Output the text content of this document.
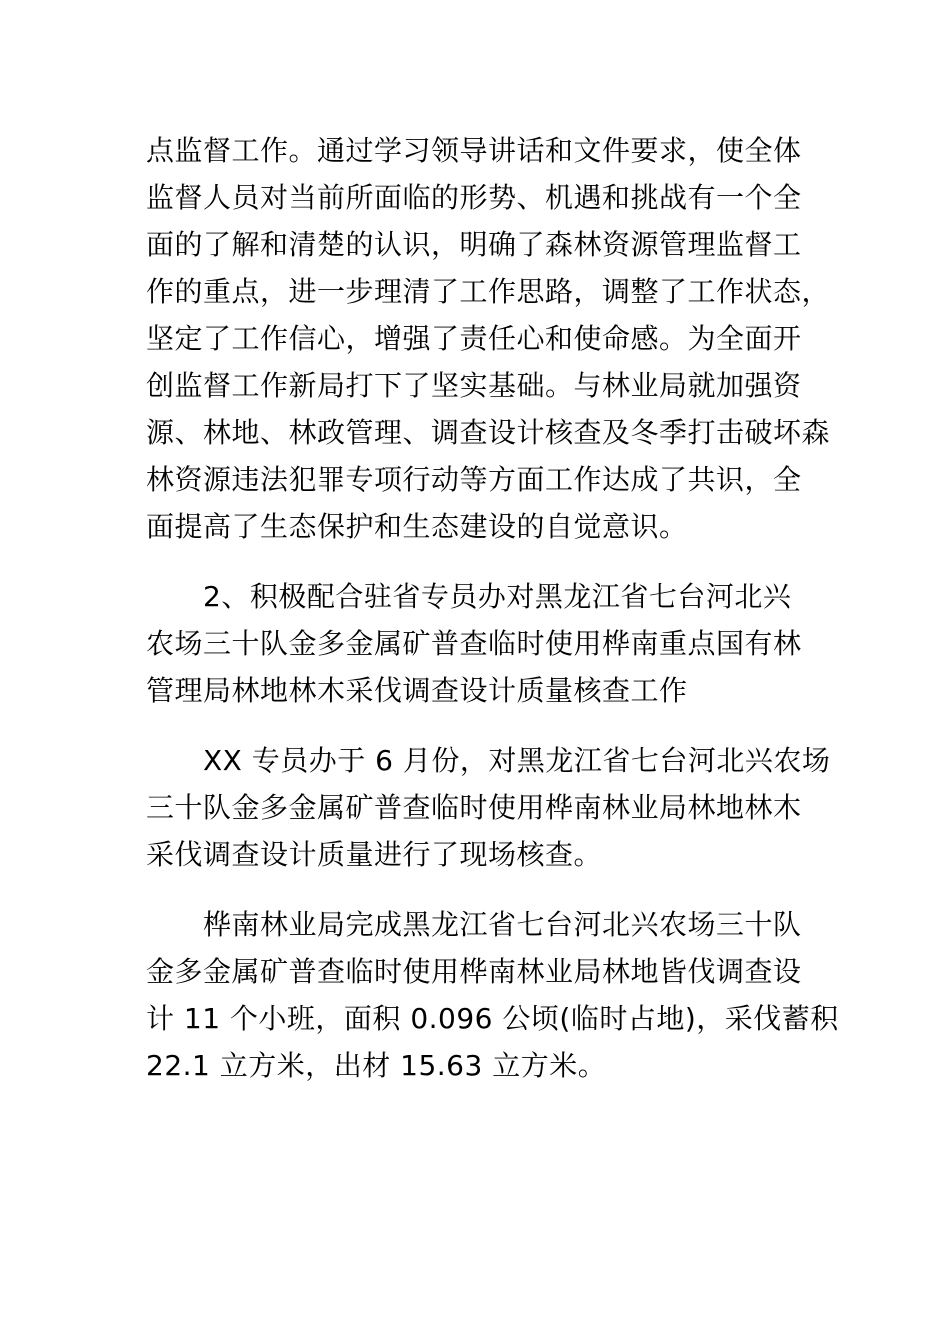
点监督工作。通过学习领导讲话和文件要求，使全体
监督人员对当前所面临的形势、机遇和挑战有一个全
面的了解和清楚的认识，明确了森林资源管理监督工
作的重点，进一步理清了工作思路，调整了工作状态，
坚定了工作信心，增强了责任心和使命感。为全面开
创监督工作新局打下了坚实基础。与林业局就加强资
源、林地、林政管理、调查设计核查及冬季打击破坏森
林资源违法犯罪专项行动等方面工作达成了共识，全
面提高了生态保护和生态建设的自觉意识。

2、积极配合驻省专员办对黑龙江省七台河北兴
农场三十队金多金属矿普查临时使用桦南重点国有林
管理局林地林木采伐调查设计质量核查工作

XX 专员办于 6 月份，对黑龙江省七台河北兴农场
三十队金多金属矿普查临时使用桦南林业局林地林木
采伐调查设计质量进行了现场核查。

桦南林业局完成黑龙江省七台河北兴农场三十队
金多金属矿普查临时使用桦南林业局林地皆伐调查设
计 11 个小班，面积 0.096 公顷(临时占地)，采伐蓄积
22.1 立方米，出材 15.63 立方米。
